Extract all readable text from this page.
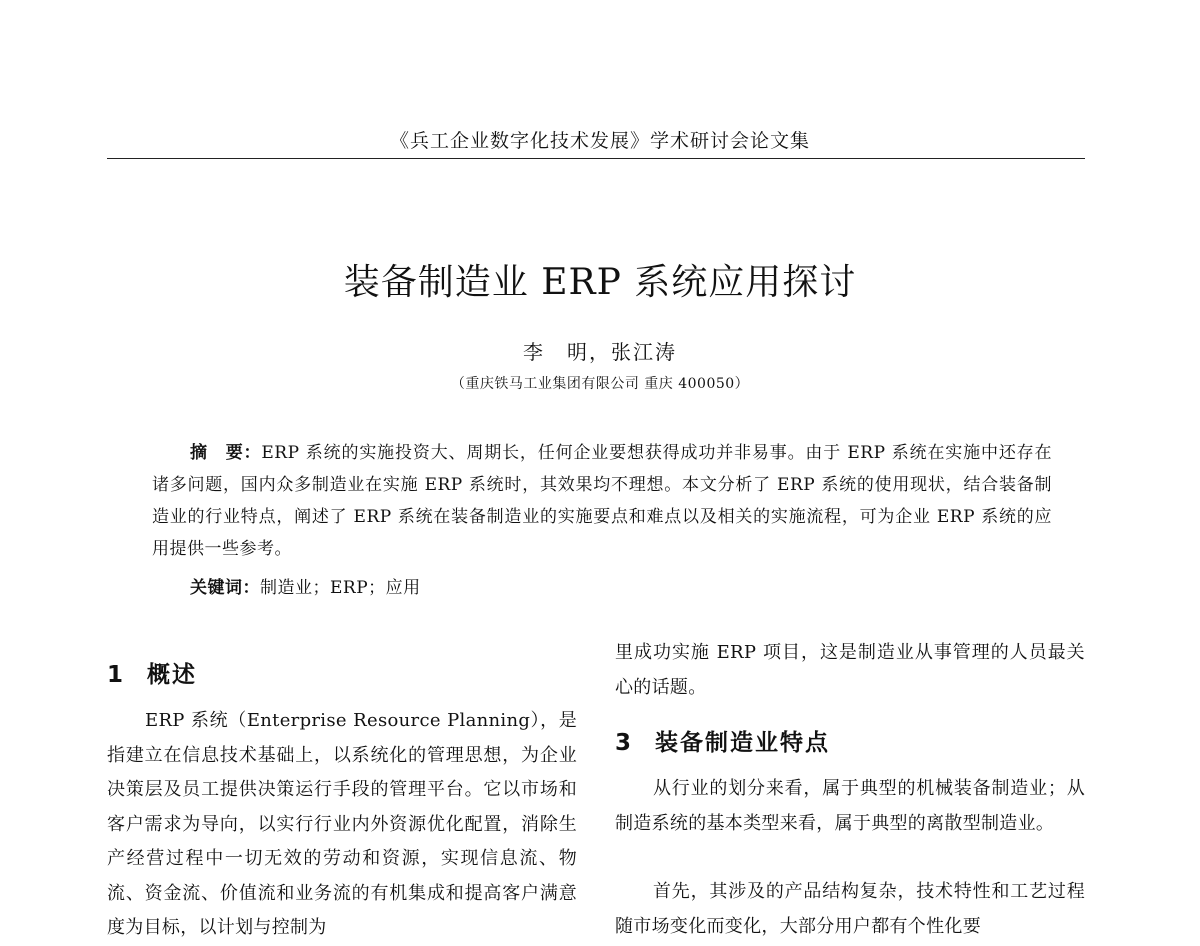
《兵工企业数字化技术发展》学术研讨会论文集
装备制造业 ERP 系统应用探讨
李　明，张江涛
（重庆铁马工业集团有限公司 重庆 400050）
摘　要：ERP 系统的实施投资大、周期长，任何企业要想获得成功并非易事。由于 ERP 系统在实施中还存在诸多问题，国内众多制造业在实施 ERP 系统时，其效果均不理想。本文分析了 ERP 系统的使用现状，结合装备制造业的行业特点，阐述了 ERP 系统在装备制造业的实施要点和难点以及相关的实施流程，可为企业 ERP 系统的应用提供一些参考。
关键词：制造业；ERP；应用
1 概述

ERP 系统（Enterprise Resource Planning），是指建立在信息技术基础上，以系统化的管理思想，为企业决策层及员工提供决策运行手段的管理平台。它以市场和客户需求为导向，以实行行业内外资源优化配置，消除生产经营过程中一切无效的劳动和资源，实现信息流、物流、资金流、价值流和业务流的有机集成和提高客户满意度为目标，以计划与控制为

里成功实施 ERP 项目，这是制造业从事管理的人员最关心的话题。

3 装备制造业特点

从行业的划分来看，属于典型的机械装备制造业；从制造系统的基本类型来看，属于典型的离散型制造业。

首先，其涉及的产品结构复杂，技术特性和工艺过程随市场变化而变化，大部分用户都有个性化要
